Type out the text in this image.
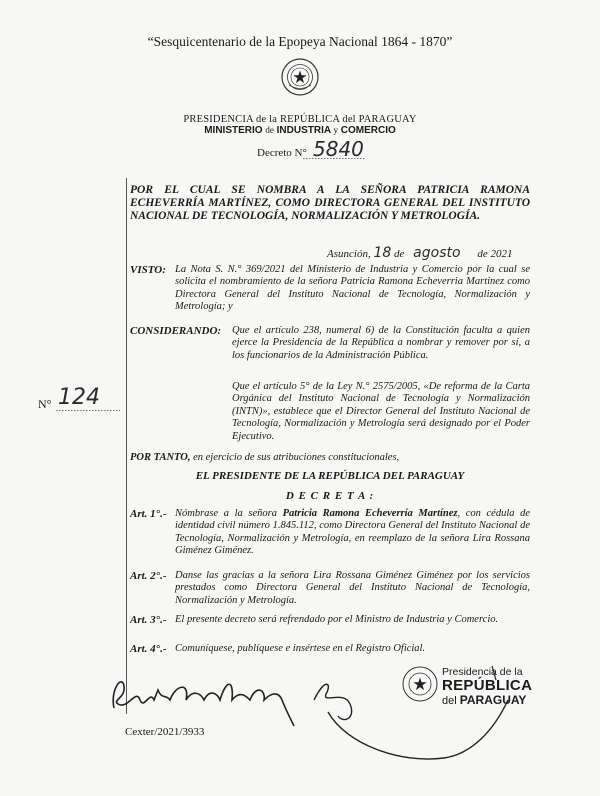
“Sesquicentenario de la Epopeya Nacional 1864 - 1870”
PRESIDENCIA de la REPÚBLICA del PARAGUAY
MINISTERIO de INDUSTRIA y COMERCIO
Decreto N° 5840
POR EL CUAL SE NOMBRA A LA SEÑORA PATRICIA RAMONA ECHEVERRÍA MARTÍNEZ, COMO DIRECTORA GENERAL DEL INSTITUTO NACIONAL DE TECNOLOGÍA, NORMALIZACIÓN Y METROLOGÍA.
Asunción, 18 de agosto de 2021
VISTO: La Nota S. N.° 369/2021 del Ministerio de Industria y Comercio por la cual se solicita el nombramiento de la señora Patricia Ramona Echeverria Martinez como Directora General del Instituto Nacional de Tecnología, Normalización y Metrología; y
CONSIDERANDO: Que el artículo 238, numeral 6) de la Constitución faculta a quien ejerce la Presidencia de la República a nombrar y remover por sí, a los funcionarios de la Administración Pública.
Que el artículo 5° de la Ley N.° 2575/2005, «De reforma de la Carta Orgánica del Instituto Nacional de Tecnología y Normalización (INTN)», establece que el Director General del Instituto Nacional de Tecnología, Normalización y Metrología será designado por el Poder Ejecutivo.
N° 124
POR TANTO, en ejercicio de sus atribuciones constitucionales,
EL PRESIDENTE DE LA REPÚBLICA DEL PARAGUAY
D E C R E T A :
Art. 1°.- Nómbrase a la señora Patricia Ramona Echeverría Martínez, con cédula de identidad civil número 1.845.112, como Directora General del Instituto Nacional de Tecnología, Normalización y Metrología, en reemplazo de la señora Lira Rossana Giménez Giménez.
Art. 2°.- Danse las gracias a la señora Lira Rossana Giménez Giménez por los servicios prestados como Directora General del Instituto Nacional de Tecnología, Normalización y Metrología.
Art. 3°.- El presente decreto será refrendado por el Ministro de Industria y Comercio.
Art. 4°.- Comuníquese, publíquese e insértese en el Registro Oficial.
Presidencia de la
REPÚBLICA
del PARAGUAY
Cexter/2021/3933
